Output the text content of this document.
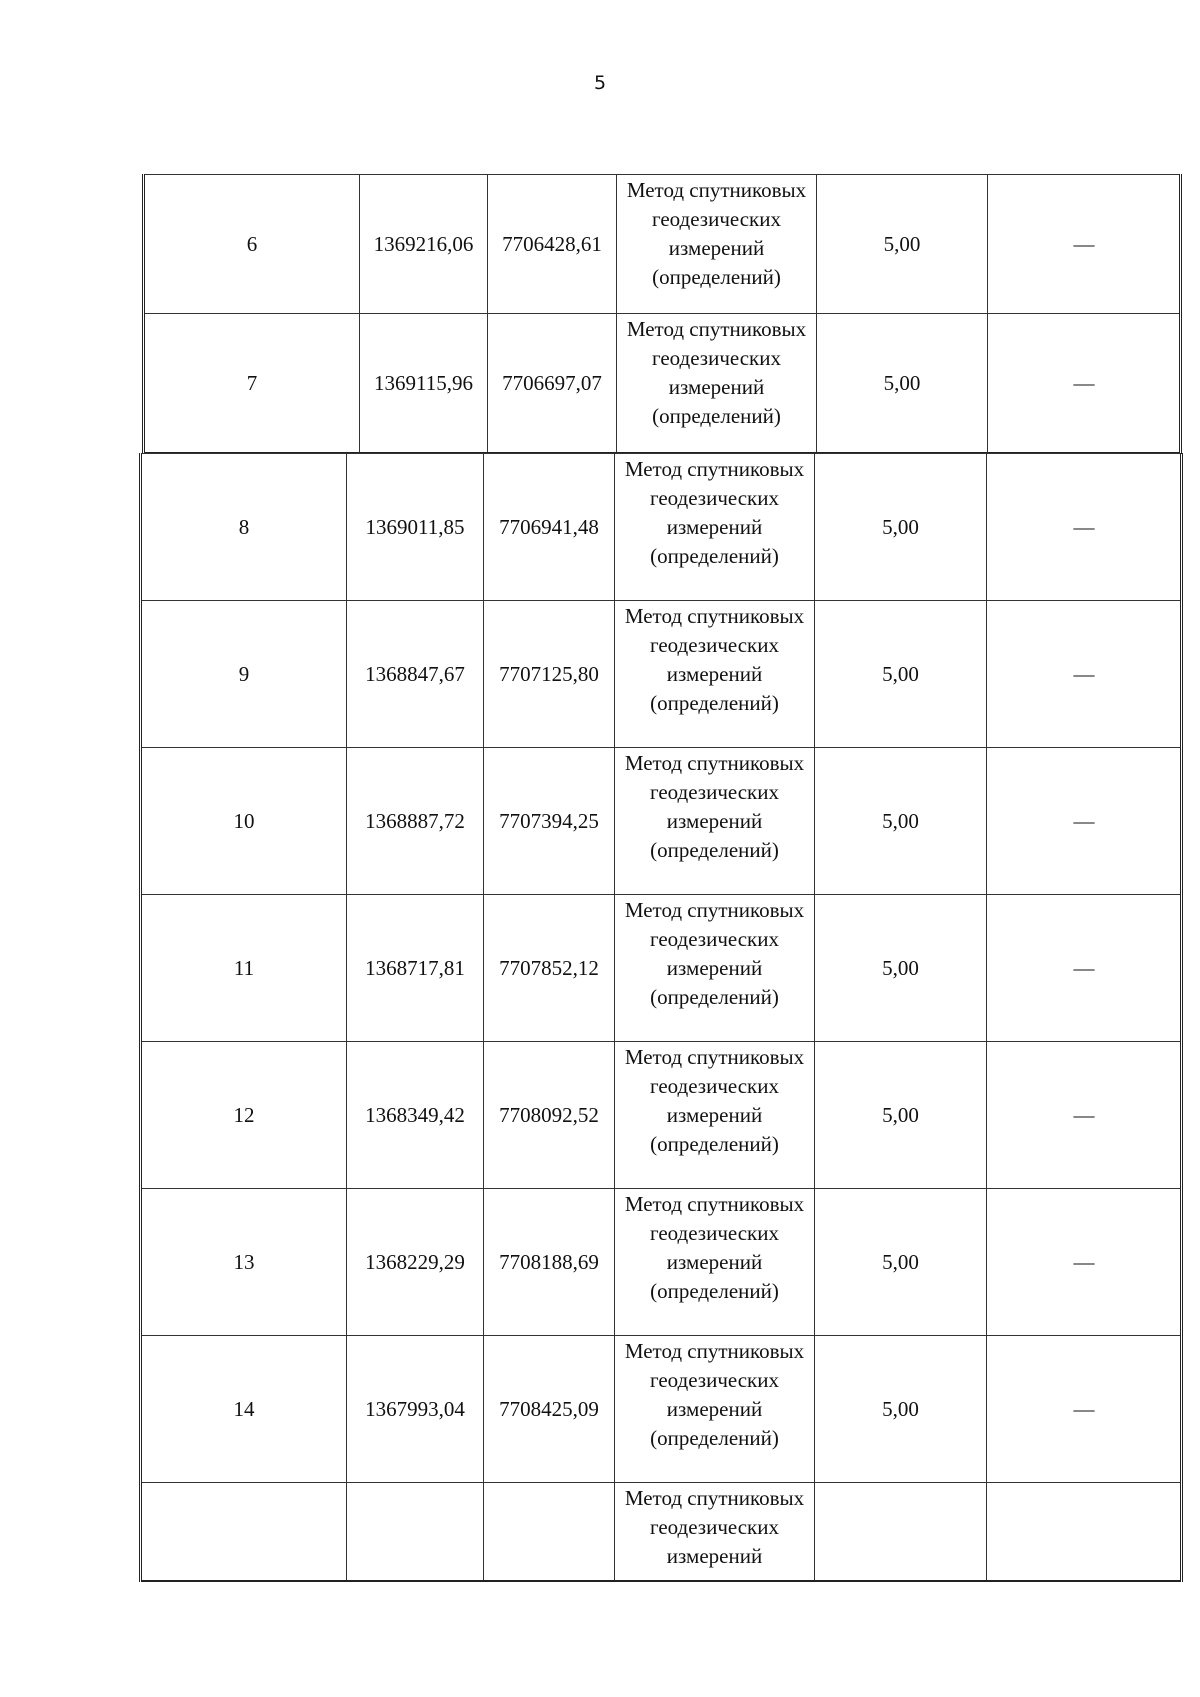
5
6	1369216,06	7706428,61	Метод спутниковых
геодезических
измерений
(определений)	5,00	—
7	1369115,96	7706697,07	Метод спутниковых
геодезических
измерений
(определений)	5,00	—
8	1369011,85	7706941,48	Метод спутниковых
геодезических
измерений
(определений)	5,00	—
9	1368847,67	7707125,80	Метод спутниковых
геодезических
измерений
(определений)	5,00	—
10	1368887,72	7707394,25	Метод спутниковых
геодезических
измерений
(определений)	5,00	—
11	1368717,81	7707852,12	Метод спутниковых
геодезических
измерений
(определений)	5,00	—
12	1368349,42	7708092,52	Метод спутниковых
геодезических
измерений
(определений)	5,00	—
13	1368229,29	7708188,69	Метод спутниковых
геодезических
измерений
(определений)	5,00	—
14	1367993,04	7708425,09	Метод спутниковых
геодезических
измерений
(определений)	5,00	—

			Метод спутниковых
геодезических
измерений		
